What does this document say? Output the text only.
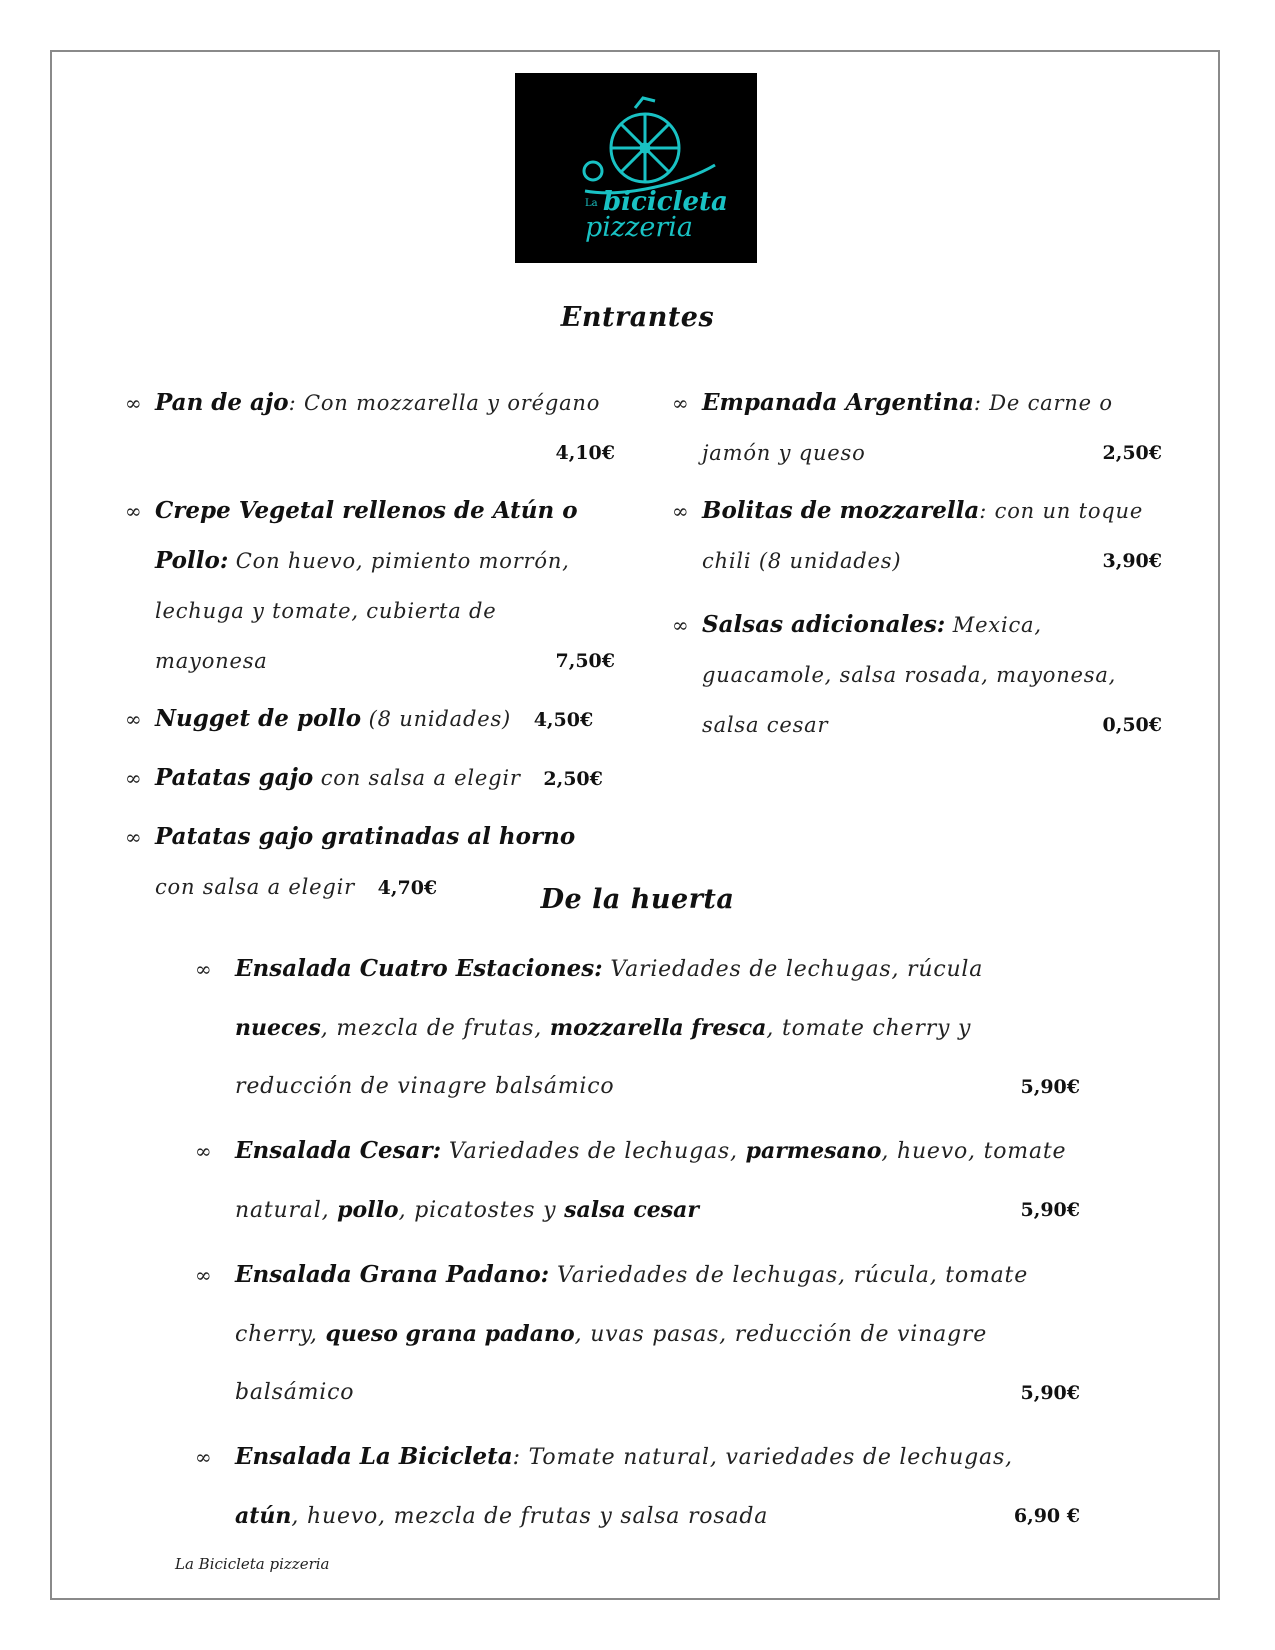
La bicicleta
pizzeria
Entrantes
∞ Pan de ajo: Con mozzarella y orégano
4,10€
∞ Crepe Vegetal rellenos de Atún o Pollo: Con huevo, pimiento morrón, lechuga y tomate, cubierta de mayonesa	7,50€
∞ Nugget de pollo (8 unidades) 4,50€
∞ Patatas gajo con salsa a elegir 2,50€
∞ Patatas gajo gratinadas al horno con salsa a elegir 4,70€
∞ Empanada Argentina: De carne o jamón y queso	2,50€
∞ Bolitas de mozzarella: con un toque chili (8 unidades)	3,90€
∞ Salsas adicionales: Mexica, guacamole, salsa rosada, mayonesa, salsa cesar	0,50€
De la huerta
∞ Ensalada Cuatro Estaciones: Variedades de lechugas, rúcula nueces, mezcla de frutas, mozzarella fresca, tomate cherry y reducción de vinagre balsámico	5,90€
∞ Ensalada Cesar: Variedades de lechugas, parmesano, huevo, tomate natural, pollo, picatostes y salsa cesar	5,90€
∞ Ensalada Grana Padano: Variedades de lechugas, rúcula, tomate cherry, queso grana padano, uvas pasas, reducción de vinagre balsámico	5,90€
∞ Ensalada La Bicicleta: Tomate natural, variedades de lechugas, atún, huevo, mezcla de frutas y salsa rosada	6,90 €
La Bicicleta pizzeria
